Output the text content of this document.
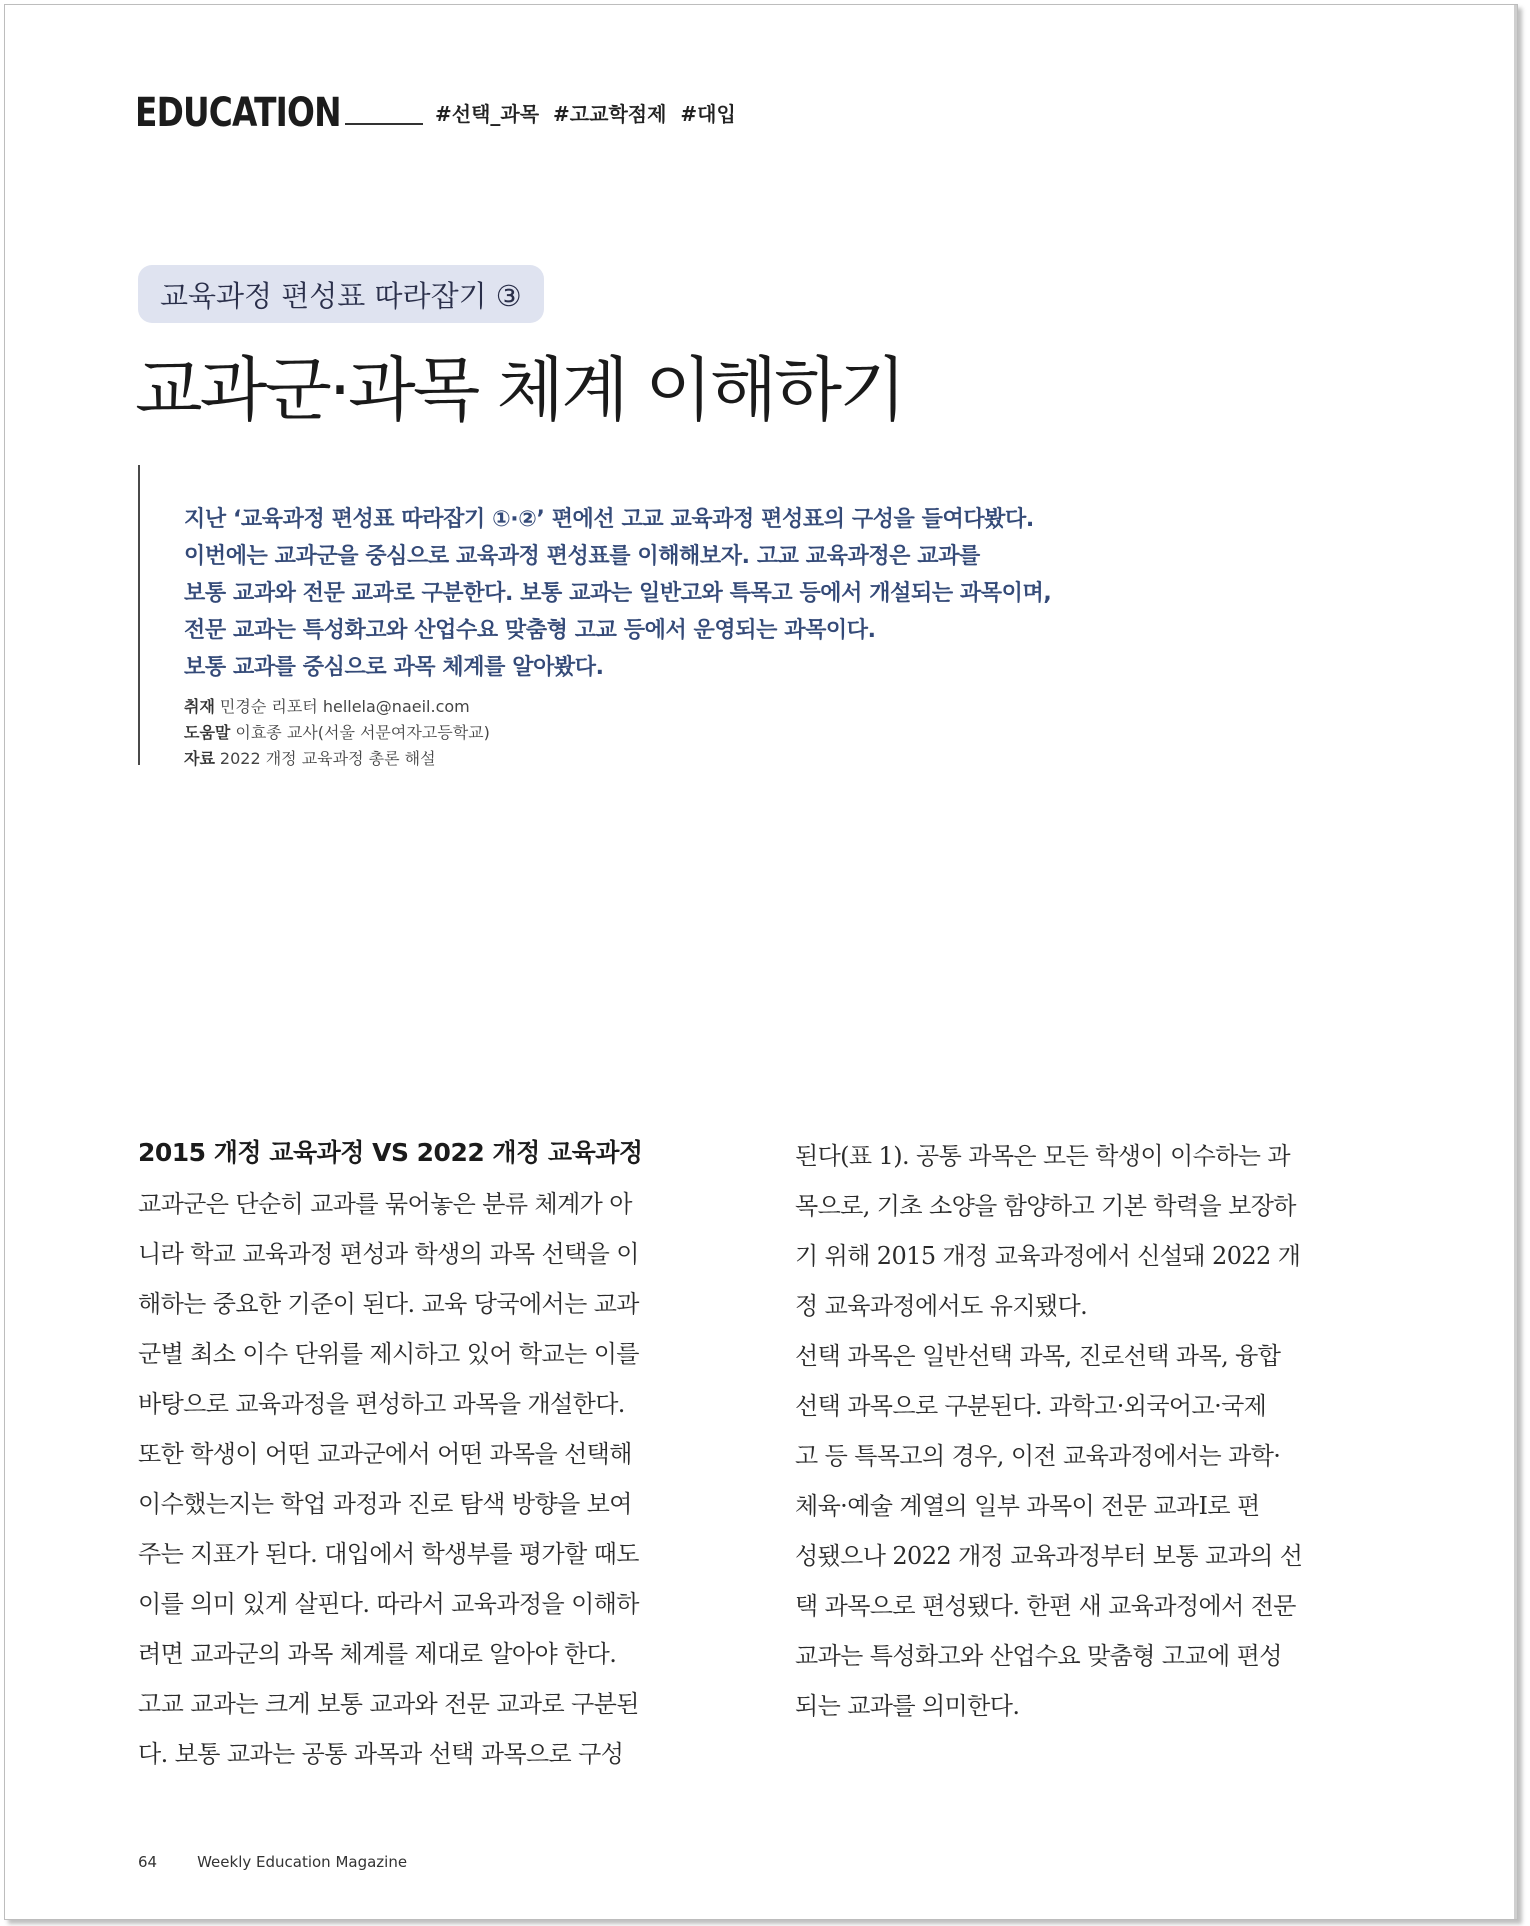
EDUCATION	#선택_과목 #고교학점제 #대입
교육과정 편성표 따라잡기 ③
교과군·과목 체계 이해하기
지난 ‘교육과정 편성표 따라잡기 ①·②’ 편에선 고교 교육과정 편성표의 구성을 들여다봤다.
이번에는 교과군을 중심으로 교육과정 편성표를 이해해보자. 고교 교육과정은 교과를
보통 교과와 전문 교과로 구분한다. 보통 교과는 일반고와 특목고 등에서 개설되는 과목이며,
전문 교과는 특성화고와 산업수요 맞춤형 고교 등에서 운영되는 과목이다.
보통 교과를 중심으로 과목 체계를 알아봤다.
취재 민경순 리포터 hellela@naeil.com
도움말 이효종 교사(서울 서문여자고등학교)
자료 2022 개정 교육과정 총론 해설
2015 개정 교육과정 VS 2022 개정 교육과정
교과군은 단순히 교과를 묶어놓은 분류 체계가 아
니라 학교 교육과정 편성과 학생의 과목 선택을 이
해하는 중요한 기준이 된다. 교육 당국에서는 교과
군별 최소 이수 단위를 제시하고 있어 학교는 이를
바탕으로 교육과정을 편성하고 과목을 개설한다.
또한 학생이 어떤 교과군에서 어떤 과목을 선택해
이수했는지는 학업 과정과 진로 탐색 방향을 보여
주는 지표가 된다. 대입에서 학생부를 평가할 때도
이를 의미 있게 살핀다. 따라서 교육과정을 이해하
려면 교과군의 과목 체계를 제대로 알아야 한다.
고교 교과는 크게 보통 교과와 전문 교과로 구분된
다. 보통 교과는 공통 과목과 선택 과목으로 구성
된다(표 1). 공통 과목은 모든 학생이 이수하는 과
목으로, 기초 소양을 함양하고 기본 학력을 보장하
기 위해 2015 개정 교육과정에서 신설돼 2022 개
정 교육과정에서도 유지됐다.
선택 과목은 일반선택 과목, 진로선택 과목, 융합
선택 과목으로 구분된다. 과학고·외국어고·국제
고 등 특목고의 경우, 이전 교육과정에서는 과학·
체육·예술 계열의 일부 과목이 전문 교과Ⅰ로 편
성됐으나 2022 개정 교육과정부터 보통 교과의 선
택 과목으로 편성됐다. 한편 새 교육과정에서 전문
교과는 특성화고와 산업수요 맞춤형 고교에 편성
되는 교과를 의미한다.
64	Weekly Education Magazine
